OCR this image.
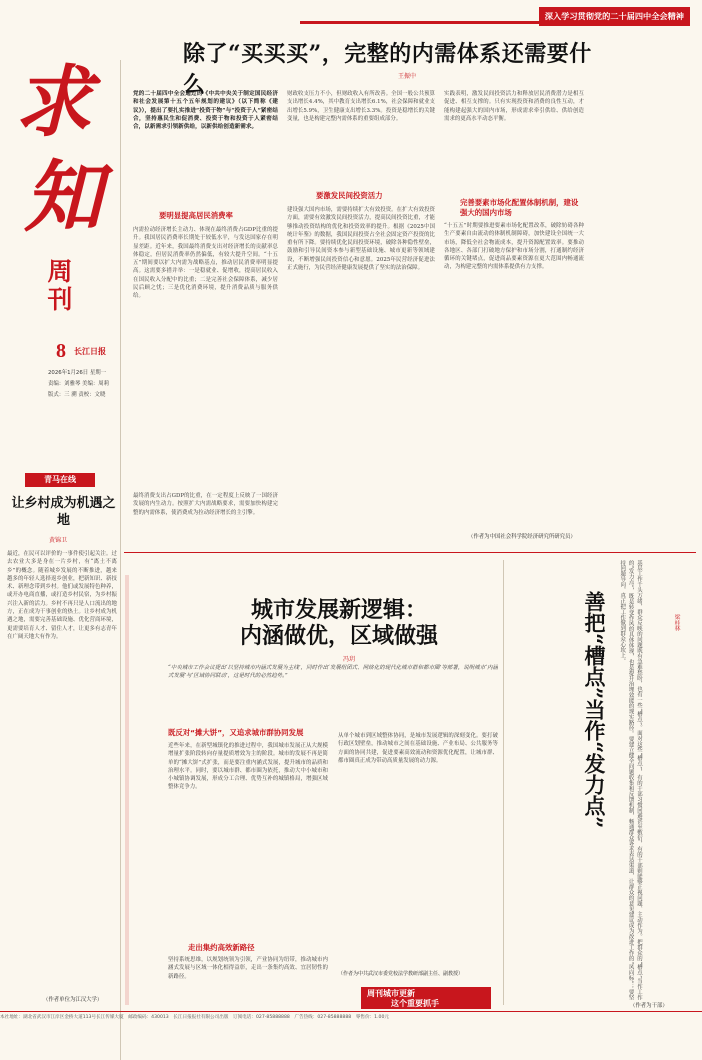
深入学习贯彻党的二十届四中全会精神
求
知
周刊
8 长江日报
2026年1月26日 星期一
责编：刘雅琴 美编：周莉
版式：三 溯 责校：文晓
除了“买买买”，完整的内需体系还需要什么	王振中
党的二十届四中全会通过的《中共中央关于制定国民经济和社会发展第十五个五年规划的建议》（以下简称《建议》），提出了要扎实推进“投资于物”与“投资于人”紧密结合，坚持惠民生和促消费、投资于物和投资于人紧密结合，以新需求引领新供给，以新供给创造新需求。
要明显提高居民消费率
内需拉动经济增长主动力、体现在最终消费占GDP比重的提升。我国居民消费率长期处于较低水平，与发达国家存在明显差距。近年来，我国最终消费支出对经济增长的贡献率总体稳定，但居民消费率仍然偏低，有较大提升空间。“十五五”期间要以扩大内需为战略基点，推动居民消费率明显提高。这需要多措并举：一是稳就业、促增收，提高居民收入在国民收入分配中的比重；二是完善社会保障体系，减少居民后顾之忧；三是优化消费环境，提升消费品质与服务供给。
最终消费支出占GDP的比重，在一定程度上反映了一国经济发展的内生动力。按照扩大内需战略要求，需要加快构建完整的内需体系，使消费成为拉动经济增长的主引擎。
财政收支压力不小，但财政收入有所改善。全国一般公共预算支出增长4.4%，其中教育支出增长6.1%，社会保障和就业支出增长5.9%，卫生健康支出增长3.3%。投资是稳增长的关键变量，也是构建完整内需体系的重要组成部分。
要激发民间投资活力
建设强大国内市场，需要持续扩大有效投资。在扩大有效投资方面，需要有效激发民间投资活力，提高民间投资比重，才能够推动投资结构的优化和投资效率的提升。根据《2025中国统计年鉴》的数据，我国民间投资占全社会固定资产投资的比重有所下降。要持续优化民间投资环境，破除各种隐性壁垒，鼓励和引导民间资本参与新型基础设施、城市更新等领域建设，不断增强民间投资信心和意愿。2025年民营经济促进法正式施行，为民营经济健康发展提供了坚实的法治保障。
实践表明，激发民间投资活力和释放居民消费潜力是相互促进、相互支撑的。只有实现投资和消费的良性互动，才能构建起强大的国内市场，形成需求牵引供给、供给创造需求的更高水平动态平衡。
完善要素市场化配置体制机制，建设强大的国内市场
“十五五”时期要推进要素市场化配置改革，破除妨碍各种生产要素自由流动的体制机制障碍，加快建设全国统一大市场，降低全社会物流成本，提升资源配置效率。要推动各地区、各部门打破地方保护和市场分割，打通制约经济循环的关键堵点，促进商品要素资源在更大范围内畅通流动，为构建完整的内需体系提供有力支撑。
（作者为中国社会科学院经济研究所研究员）
青马在线
让乡村成为机遇之地
黄锦卫
最近，在民可以评价的一事件使引起关注。过去农业大多是身在一片乡村，有“离土不离乡”的概念。随着城乡发展的不断推进，越来越多的年轻人选择返乡创业，把新知识、新技术、新理念带到乡村。他们或发展特色种养，或开办电商直播，或打造乡村民宿，为乡村振兴注入新的活力。乡村不再只是人口流出的地方，正在成为干事创业的热土。让乡村成为机遇之地，需要完善基础设施、优化营商环境，更需要培育人才、留住人才，让更多有志青年在广阔天地大有作为。
（作者单位为江汉大学）
城市发展新逻辑：
内涵做优，区域做强
冯玥
“中央城市工作会议提出‘以坚持城市内涵式发展为主线’，同时作出‘发展组团式、网络化的现代化城市群和都市圈’等部署，说明城市‘内涵式发展’与‘区域协同联动’，这是时代的必然趋势。”
既反对“摊大饼”，又追求城市群协同发展
近些年来，在新型城镇化的推进过程中，我国城市发展正从大规模增量扩张阶段转向存量提质增效为主的阶段。城市的发展不再是简单的“摊大饼”式扩张，而是要注重内涵式发展，提升城市的品质和治理水平。同时，要以城市群、都市圈为依托，推动大中小城市和小城镇协调发展，形成分工合理、优势互补的城镇格局，增强区域整体竞争力。
从单个城市到区域整体协同，是城市发展逻辑的深刻变化。要打破行政区划壁垒，推动城市之间在基础设施、产业布局、公共服务等方面的协同共建，促进要素高效流动和资源优化配置，让城市群、都市圈真正成为带动高质量发展的动力源。
走出集约高效新路径
坚持系统思维，以规划统领为引领，产业协同为纽带，推动城市内涵式发展与区域一体化相得益彰，走出一条集约高效、宜居韧性的新路径。	（作者为中共武汉市委党校法学教研部副主任、副教授）
周刊城市更新
这个重要抓手
善把“槽点”当作“发力点”	梁桂林
基层工作千头万绪，群众反映的问题既有急难愁盼，也有一些“槽点”。面对这些“槽点”，有的干部习惯回避甚至敷衍，有的干部则能够正视问题、主动作为。把群众的“槽点”当作工作的“发力点”，既是转变作风的具体体现，也是提升治理效能的现实路径。要建立健全问题收集和反馈机制，畅通群众诉求表达渠道，让群众的意见建议成为改进工作的“风向标”；要坚持问题导向，真正把工作做到群众心坎上。
（作者为干部）
本社地址：湖北省武汉市江岸区金桥大道113号长江传媒大厦　邮政编码：430013　长江日报报社有限公司出版　订阅电话：027-85888888　广告热线：027-85888888　零售价：1.00元
